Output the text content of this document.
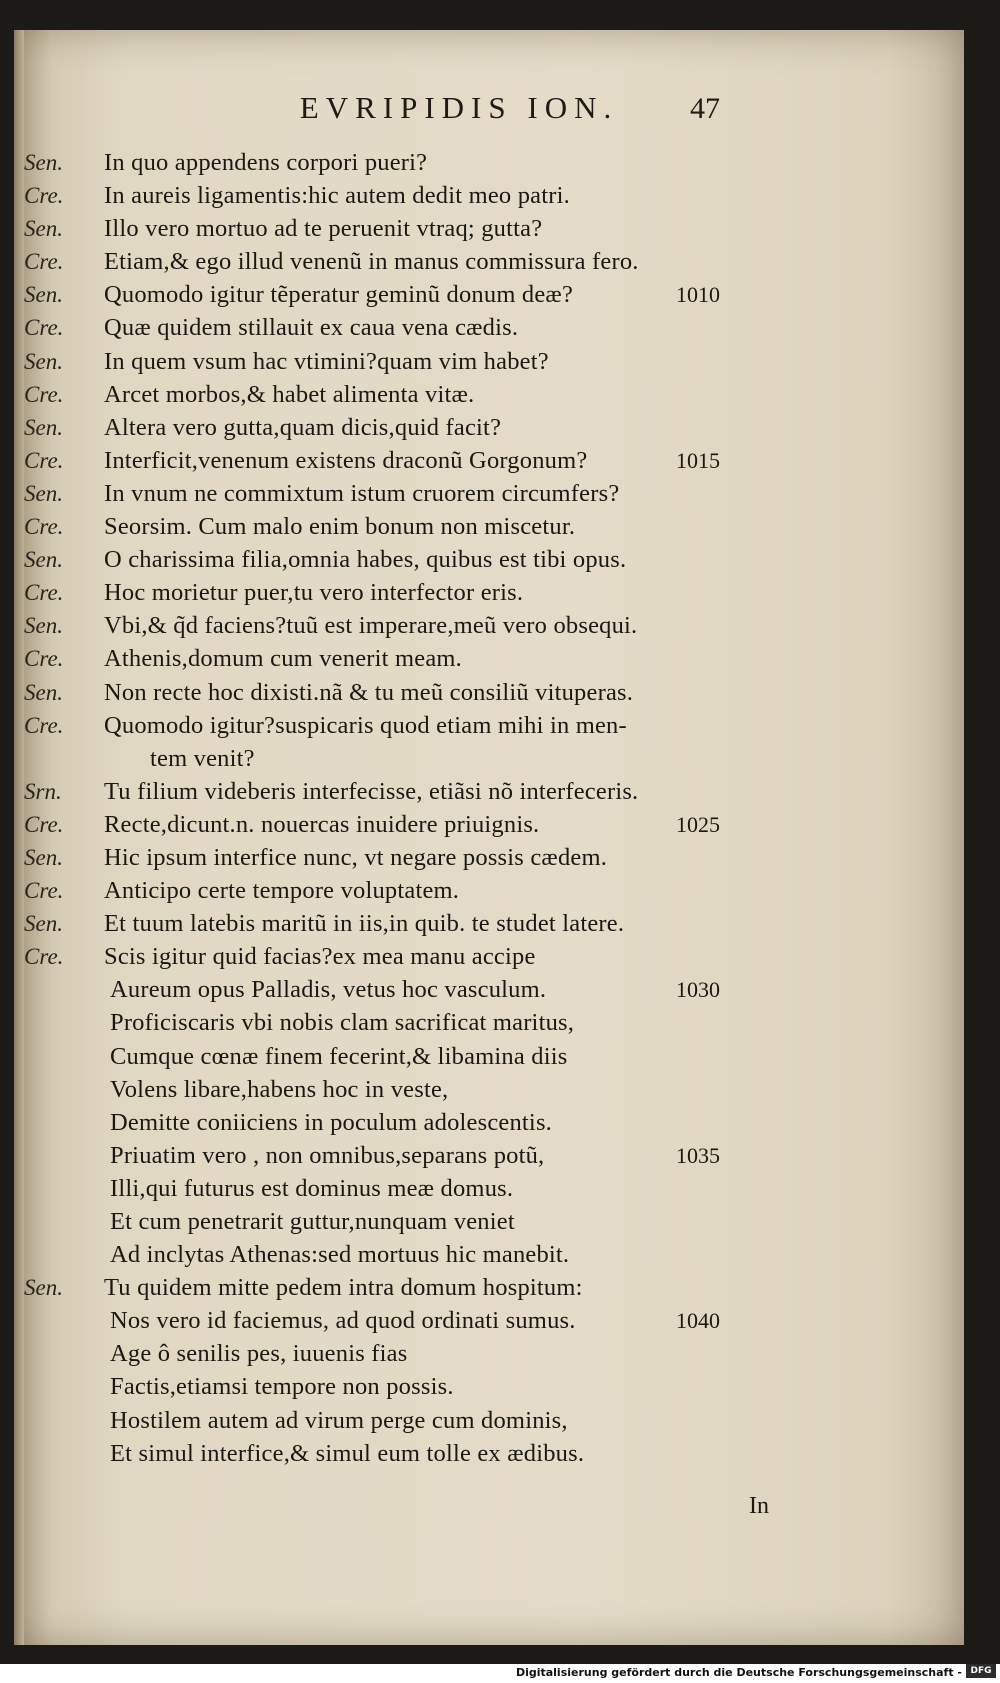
EVRIPIDIS ION.	47
Sen.	In quo appendens corpori pueri?
Cre.	In aureis ligamentis:hic autem dedit meo patri.
Sen.	Illo vero mortuo ad te peruenit vtraq; gutta?
Cre.	Etiam,& ego illud venenũ in manus commissura fero.
Sen.	Quomodo igitur tẽperatur geminũ donum deæ?	1010
Cre.	Quæ quidem stillauit ex caua vena cædis.
Sen.	In quem vsum hac vtimini?quam vim habet?
Cre.	Arcet morbos,& habet alimenta vitæ.
Sen.	Altera vero gutta,quam dicis,quid facit?
Cre.	Interficit,venenum existens draconũ Gorgonum?	1015
Sen.	In vnum ne commixtum istum cruorem circumfers?
Cre.	Seorsim. Cum malo enim bonum non miscetur.
Sen.	O charissima filia,omnia habes, quibus est tibi opus.
Cre.	Hoc morietur puer,tu vero interfector eris.
Sen.	Vbi,& q̃d faciens?tuũ est imperare,meũ vero obsequi.
Cre.	Athenis,domum cum venerit meam.
Sen.	Non recte hoc dixisti.nã & tu meũ consiliũ vituperas.
Cre.	Quomodo igitur?suspicaris quod etiam mihi in men-
tem venit?
Srn.	Tu filium videberis interfecisse, etiãsi nõ interfeceris.
Cre.	Recte,dicunt.n. nouercas inuidere priuignis.	1025
Sen.	Hic ipsum interfice nunc, vt negare possis cædem.
Cre.	Anticipo certe tempore voluptatem.
Sen.	Et tuum latebis maritũ in iis,in quib. te studet latere.
Cre.	Scis igitur quid facias?ex mea manu accipe
Aureum opus Palladis, vetus hoc vasculum.	1030
Proficiscaris vbi nobis clam sacrificat maritus,
Cumque cœnæ finem fecerint,& libamina diis
Volens libare,habens hoc in veste,
Demitte coniiciens in poculum adolescentis.
Priuatim vero , non omnibus,separans potũ,	1035
Illi,qui futurus est dominus meæ domus.
Et cum penetrarit guttur,nunquam veniet
Ad inclytas Athenas:sed mortuus hic manebit.
Sen.	Tu quidem mitte pedem intra domum hospitum:
Nos vero id faciemus, ad quod ordinati sumus.	1040
Age ô senilis pes, iuuenis fias
Factis,etiamsi tempore non possis.
Hostilem autem ad virum perge cum dominis,
Et simul interfice,& simul eum tolle ex ædibus.
In
Digitalisierung gefördert durch die Deutsche Forschungsgemeinschaft - DFG
